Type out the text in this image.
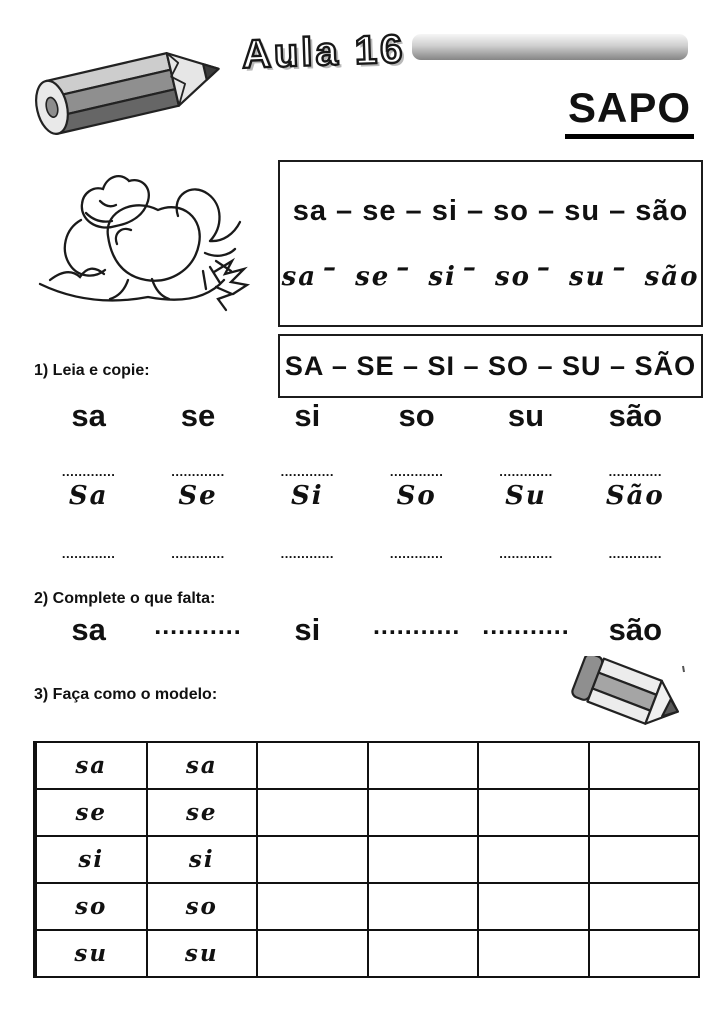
Aula 16
SAPO
sa – se – si – so – su – são
sa – se – si – so – su – são
SA – SE – SI – SO – SU – SÃO
1) Leia e copie:
sa	se	si	so	su	são
.............	.............	.............	.............	.............	.............
Sa	Se	Si	So	Su	São
.............	.............	.............	.............	.............	.............
2) Complete o que falta:
sa	...........	si	........... ...........	são
3) Faça como o modelo:
sa	sa
se	se
si	si
so	so
su	su
